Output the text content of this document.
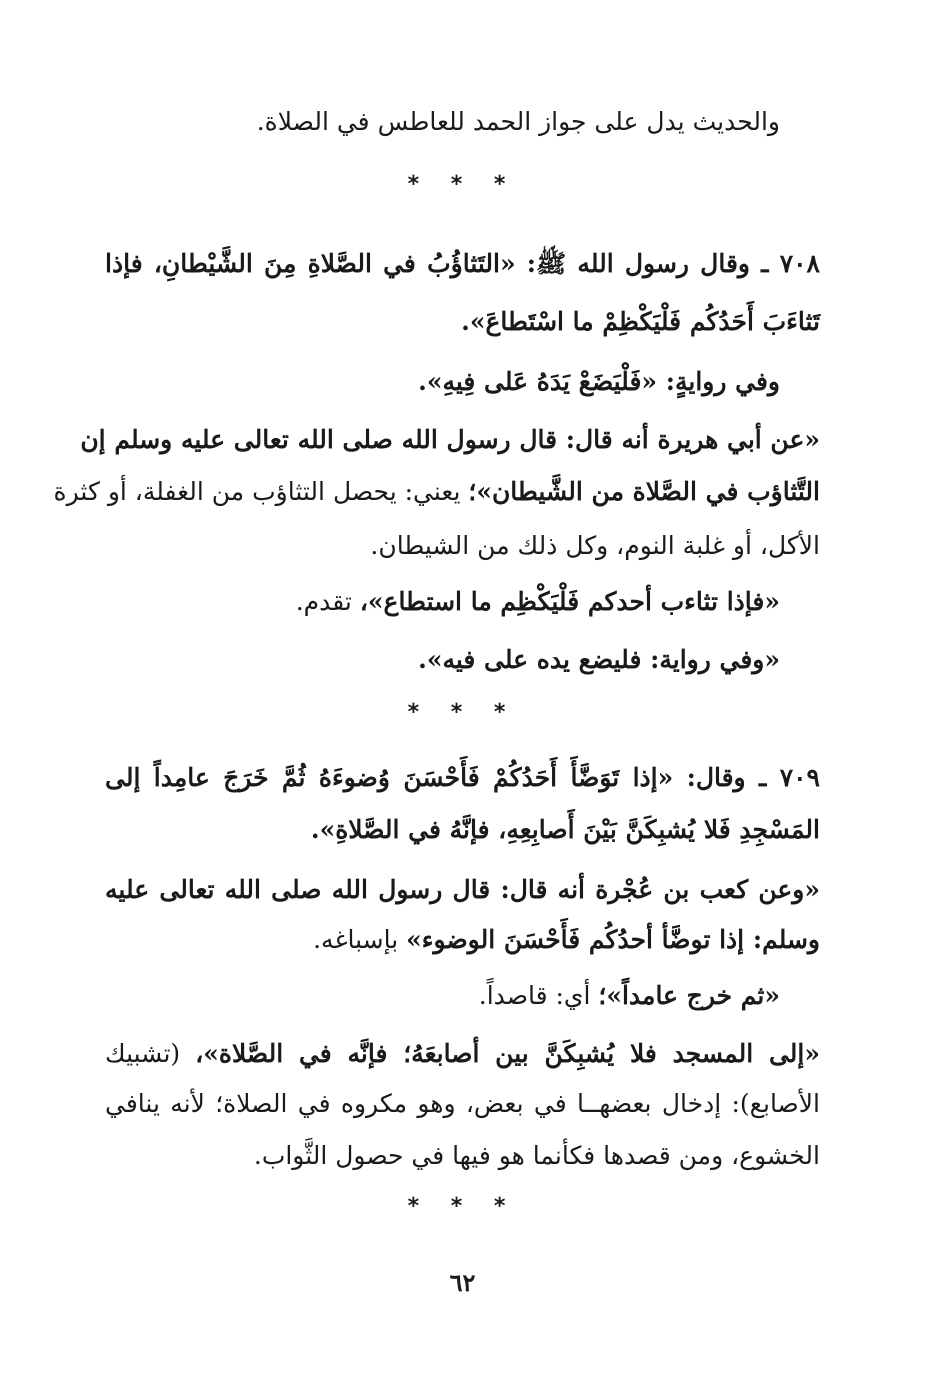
والحديث يدل على جواز الحمد للعاطس في الصلاة.
* * *
٧٠٨ ـ وقال رسول الله ﷺ: «التَثاؤُبُ في الصَّلاةِ مِنَ الشَّيْطانِ، فإذا
تَثاءَبَ أَحَدُكُم فَلْيَكْظِمْ ما اسْتَطاعَ».
وفي روايةٍ: «فَلْيَضَعْ يَدَهُ عَلى فِيهِ».
«عن أبي هريرة أنه قال: قال رسول الله صلى الله تعالى عليه وسلم إن
التَّثاؤب في الصَّلاة من الشَّيطان»؛ يعني: يحصل التثاؤب من الغفلة، أو كثرة
الأكل، أو غلبة النوم، وكل ذلك من الشيطان.
«فإذا تثاءب أحدكم فَلْيَكْظِم ما استطاع»، تقدم.
«وفي رواية: فليضع يده على فيه».
* * *
٧٠٩ ـ وقال: «إذا تَوَضَّأَ أَحَدُكُمْ فَأَحْسَنَ وُضوءَهُ ثُمَّ خَرَجَ عامِداً إلى
المَسْجِدِ فَلا يُشبِكَنَّ بَيْنَ أَصابِعِهِ، فإنَّهُ في الصَّلاةِ».
«وعن كعب بن عُجْرة أنه قال: قال رسول الله صلى الله تعالى عليه
وسلم: إذا توضَّأ أحدُكُم فَأَحْسَنَ الوضوء» بإسباغه.
«ثم خرج عامداً»؛ أي: قاصداً.
«إلى المسجد فلا يُشبِكَنَّ بين أصابعَهُ؛ فإنَّه في الصَّلاة»، (تشبيك
الأصابع): إدخال بعضهــا في بعض، وهو مكروه في الصلاة؛ لأنه ينافي
الخشوع، ومن قصدها فكأنما هو فيها في حصول الثَّواب.
* * *
٦٢
